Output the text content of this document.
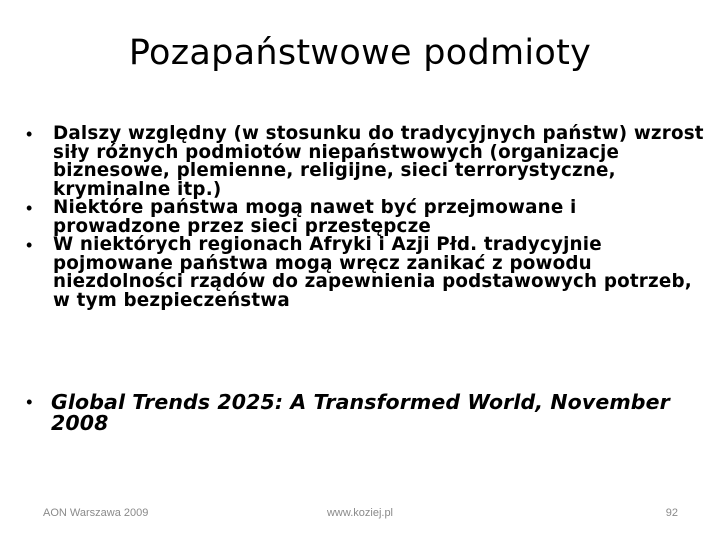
Pozapaństwowe podmioty
•	Dalszy względny (w stosunku do tradycyjnych państw) wzrost siły różnych podmiotów niepaństwowych (organizacje biznesowe, plemienne, religijne, sieci terrorystyczne, kryminalne itp.)
•	Niektóre państwa mogą nawet być przejmowane i prowadzone przez sieci przestępcze
•	W niektórych regionach Afryki i Azji Płd. tradycyjnie pojmowane państwa mogą wręcz zanikać z powodu niezdolności rządów do zapewnienia podstawowych potrzeb, w tym bezpieczeństwa
• Global Trends 2025: A Transformed World, November 2008
AON Warszawa 2009	www.koziej.pl	92
